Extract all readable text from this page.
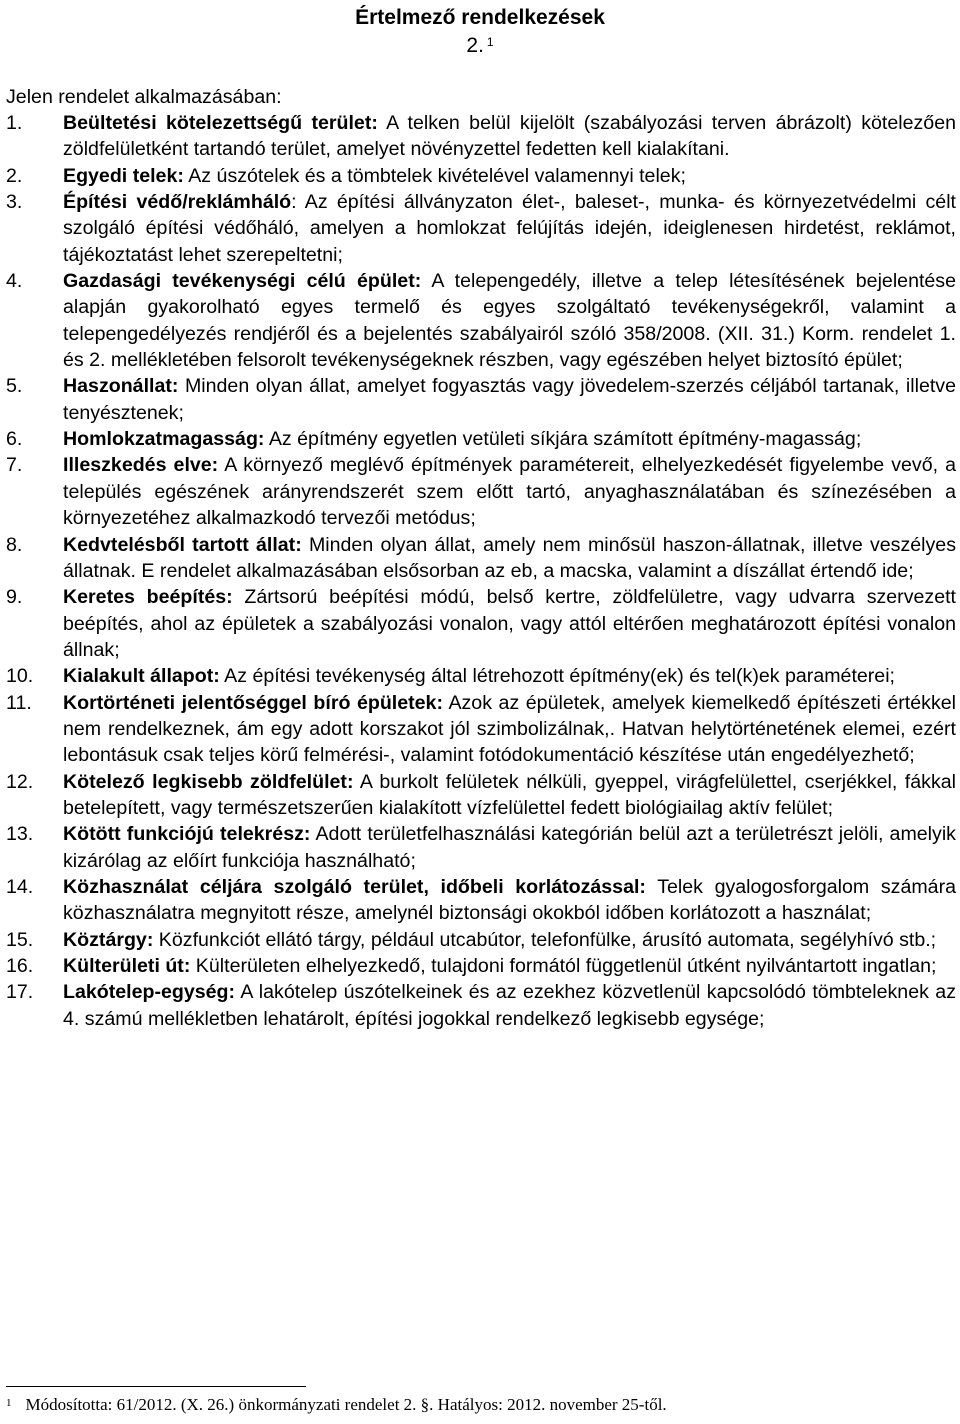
Értelmező rendelkezések
2. $^1$
Jelen rendelet alkalmazásában:
1.	Beültetési kötelezettségű terület: A telken belül kijelölt (szabályozási terven ábrázolt) kötelezően zöldfelületként tartandó terület, amelyet növényzettel fedetten kell kialakítani.
2.	Egyedi telek: Az úszótelek és a tömbtelek kivételével valamennyi telek;
3.	Építési védő/reklámháló: Az építési állványzaton élet-, baleset-, munka- és környezetvédelmi célt szolgáló építési védőháló, amelyen a homlokzat felújítás idején, ideiglenesen hirdetést, reklámot, tájékoztatást lehet szerepeltetni;
4.	Gazdasági tevékenységi célú épület: A telepengedély, illetve a telep létesítésének bejelentése alapján gyakorolható egyes termelő és egyes szolgáltató tevékenységekről, valamint a telepengedélyezés rendjéről és a bejelentés szabályairól szóló 358/2008. (XII. 31.) Korm. rendelet 1. és 2. mellékletében felsorolt tevékenységeknek részben, vagy egészében helyet biztosító épület;
5.	Haszonállat: Minden olyan állat, amelyet fogyasztás vagy jövedelem-szerzés céljából tartanak, illetve tenyésztenek;
6.	Homlokzatmagasság: Az építmény egyetlen vetületi síkjára számított építmény-magasság;
7.	Illeszkedés elve: A környező meglévő építmények paramétereit, elhelyezkedését figyelembe vevő, a település egészének arányrendszerét szem előtt tartó, anyaghasználatában és színezésében a környezetéhez alkalmazkodó tervezői metódus;
8.	Kedvtelésből tartott állat: Minden olyan állat, amely nem minősül haszon-állatnak, illetve veszélyes állatnak. E rendelet alkalmazásában elsősorban az eb, a macska, valamint a díszállat értendő ide;
9.	Keretes beépítés: Zártsorú beépítési módú, belső kertre, zöldfelületre, vagy udvarra szervezett beépítés, ahol az épületek a szabályozási vonalon, vagy attól eltérően meghatározott építési vonalon állnak;
10.	Kialakult állapot: Az építési tevékenység által létrehozott építmény(ek) és tel(k)ek paraméterei;
11.	Kortörténeti jelentőséggel bíró épületek: Azok az épületek, amelyek kiemelkedő építészeti értékkel nem rendelkeznek, ám egy adott korszakot jól szimbolizálnak,. Hatvan helytörténetének elemei, ezért lebontásuk csak teljes körű felmérési-, valamint fotódokumentáció készítése után engedélyezhető;
12.	Kötelező legkisebb zöldfelület: A burkolt felületek nélküli, gyeppel, virágfelülettel, cserjékkel, fákkal betelepített, vagy természetszerűen kialakított vízfelülettel fedett biológiailag aktív felület;
13.	Kötött funkciójú telekrész: Adott területfelhasználási kategórián belül azt a területrészt jelöli, amelyik kizárólag az előírt funkciója használható;
14.	Közhasználat céljára szolgáló terület, időbeli korlátozással: Telek gyalogosforgalom számára közhasználatra megnyitott része, amelynél biztonsági okokból időben korlátozott a használat;
15.	Köztárgy: Közfunkciót ellátó tárgy, például utcabútor, telefonfülke, árusító automata, segélyhívó stb.;
16.	Külterületi út: Külterületen elhelyezkedő, tulajdoni formától függetlenül útként nyilvántartott ingatlan;
17.	Lakótelep-egység: A lakótelep úszótelkeinek és az ezekhez közvetlenül kapcsolódó tömbteleknek az 4. számú mellékletben lehatárolt, építési jogokkal rendelkező legkisebb egysége;
$^1$ Módosította: 61/2012. (X. 26.) önkormányzati rendelet 2. §. Hatályos: 2012. november 25-től.
